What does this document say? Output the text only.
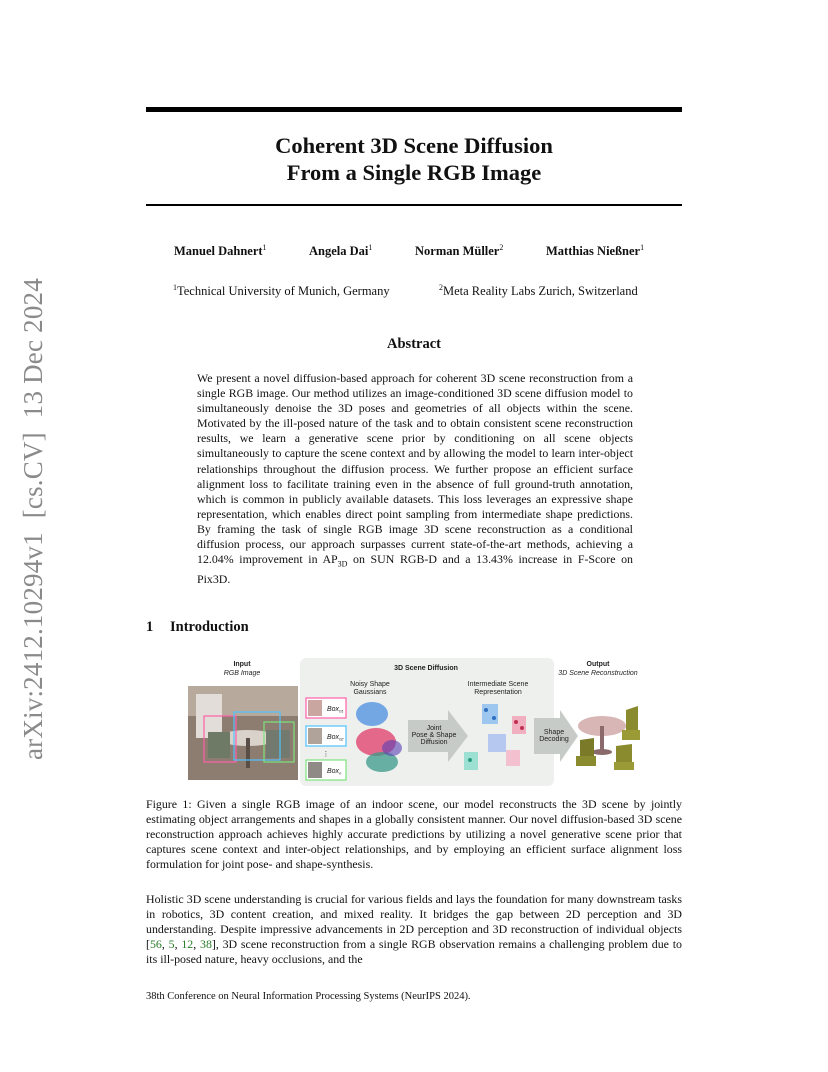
arXiv:2412.10294v1  [cs.CV]  13 Dec 2024
Coherent 3D Scene Diffusion
From a Single RGB Image
Manuel Dahnert$^1$	Angela Dai$^1$	Norman Müller$^2$	Matthias Nießner$^1$
$^1$Technical University of Munich, Germany	$^2$Meta Reality Labs Zurich, Switzerland
Abstract
We present a novel diffusion-based approach for coherent 3D scene reconstruction from a single RGB image. Our method utilizes an image-conditioned 3D scene diffusion model to simultaneously denoise the 3D poses and geometries of all objects within the scene. Motivated by the ill-posed nature of the task and to obtain consistent scene reconstruction results, we learn a generative scene prior by conditioning on all scene objects simultaneously to capture the scene context and by allowing the model to learn inter-object relationships throughout the diffusion process. We further propose an efficient surface alignment loss to facilitate training even in the absence of full ground-truth annotation, which is common in publicly available datasets. This loss leverages an expressive shape representation, which enables direct point sampling from intermediate shape predictions. By framing the task of single RGB image 3D scene reconstruction as a conditional diffusion process, our approach surpasses current state-of-the-art methods, achieving a 12.04% improvement in $AP_{3D}$ on SUN RGB-D and a 13.43% increase in F-Score on Pix3D.
1 Introduction
Input
RGB Image
Box$_{01}$
Box$_{02}$
⋮
Box$_n$
3D Scene Diffusion
Noisy Shape
Gaussians
Joint
Pose & Shape
Diffusion
Intermediate Scene
Representation
Shape
Decoding
Output
3D Scene Reconstruction
Figure 1: Given a single RGB image of an indoor scene, our model reconstructs the 3D scene by jointly estimating object arrangements and shapes in a globally consistent manner. Our novel diffusion-based 3D scene reconstruction approach achieves highly accurate predictions by utilizing a novel generative scene prior that captures scene context and inter-object relationships, and by employing an efficient surface alignment loss formulation for joint pose- and shape-synthesis.
Holistic 3D scene understanding is crucial for various fields and lays the foundation for many downstream tasks in robotics, 3D content creation, and mixed reality. It bridges the gap between 2D perception and 3D understanding. Despite impressive advancements in 2D perception and 3D reconstruction of individual objects [56, 5, 12, 38], 3D scene reconstruction from a single RGB observation remains a challenging problem due to its ill-posed nature, heavy occlusions, and the
38th Conference on Neural Information Processing Systems (NeurIPS 2024).
